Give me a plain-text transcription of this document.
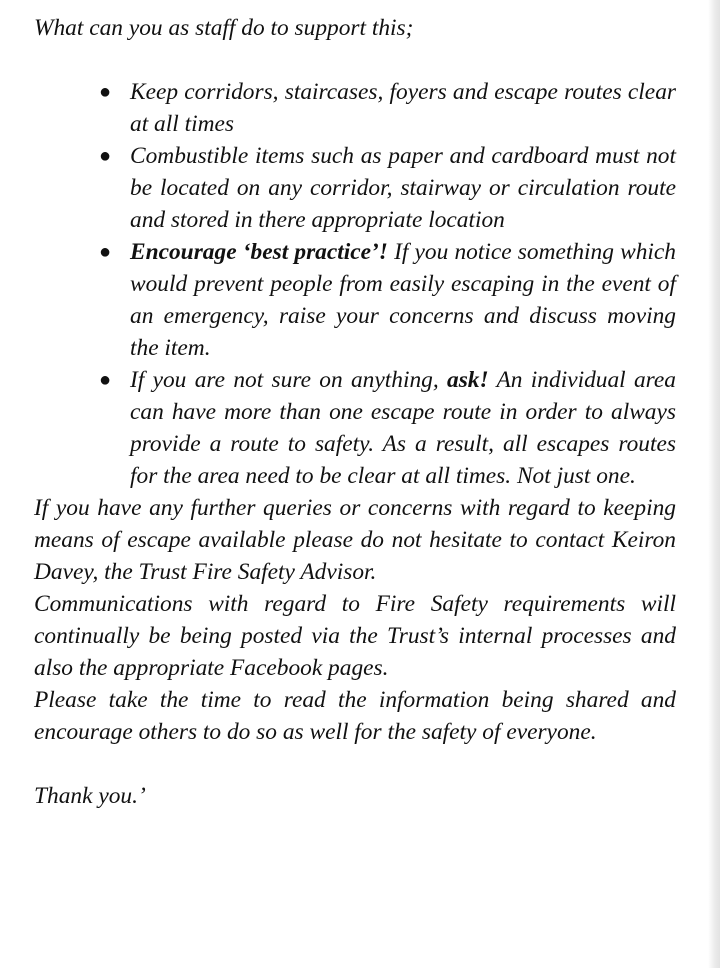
What can you as staff do to support this;

● Keep corridors, staircases, foyers and escape routes clear at all times
● Combustible items such as paper and cardboard must not be located on any corridor, stairway or circulation route and stored in there appropriate location
● Encourage ‘best practice’! If you notice something which would prevent people from easily escaping in the event of an emergency, raise your concerns and discuss moving the item.
● If you are not sure on anything, ask! An individual area can have more than one escape route in order to always provide a route to safety. As a result, all escapes routes for the area need to be clear at all times. Not just one.

If you have any further queries or concerns with regard to keeping means of escape available please do not hesitate to contact Keiron Davey, the Trust Fire Safety Advisor.

Communications with regard to Fire Safety requirements will continually be being posted via the Trust’s internal processes and also the appropriate Facebook pages.

Please take the time to read the information being shared and encourage others to do so as well for the safety of everyone.

Thank you.’
